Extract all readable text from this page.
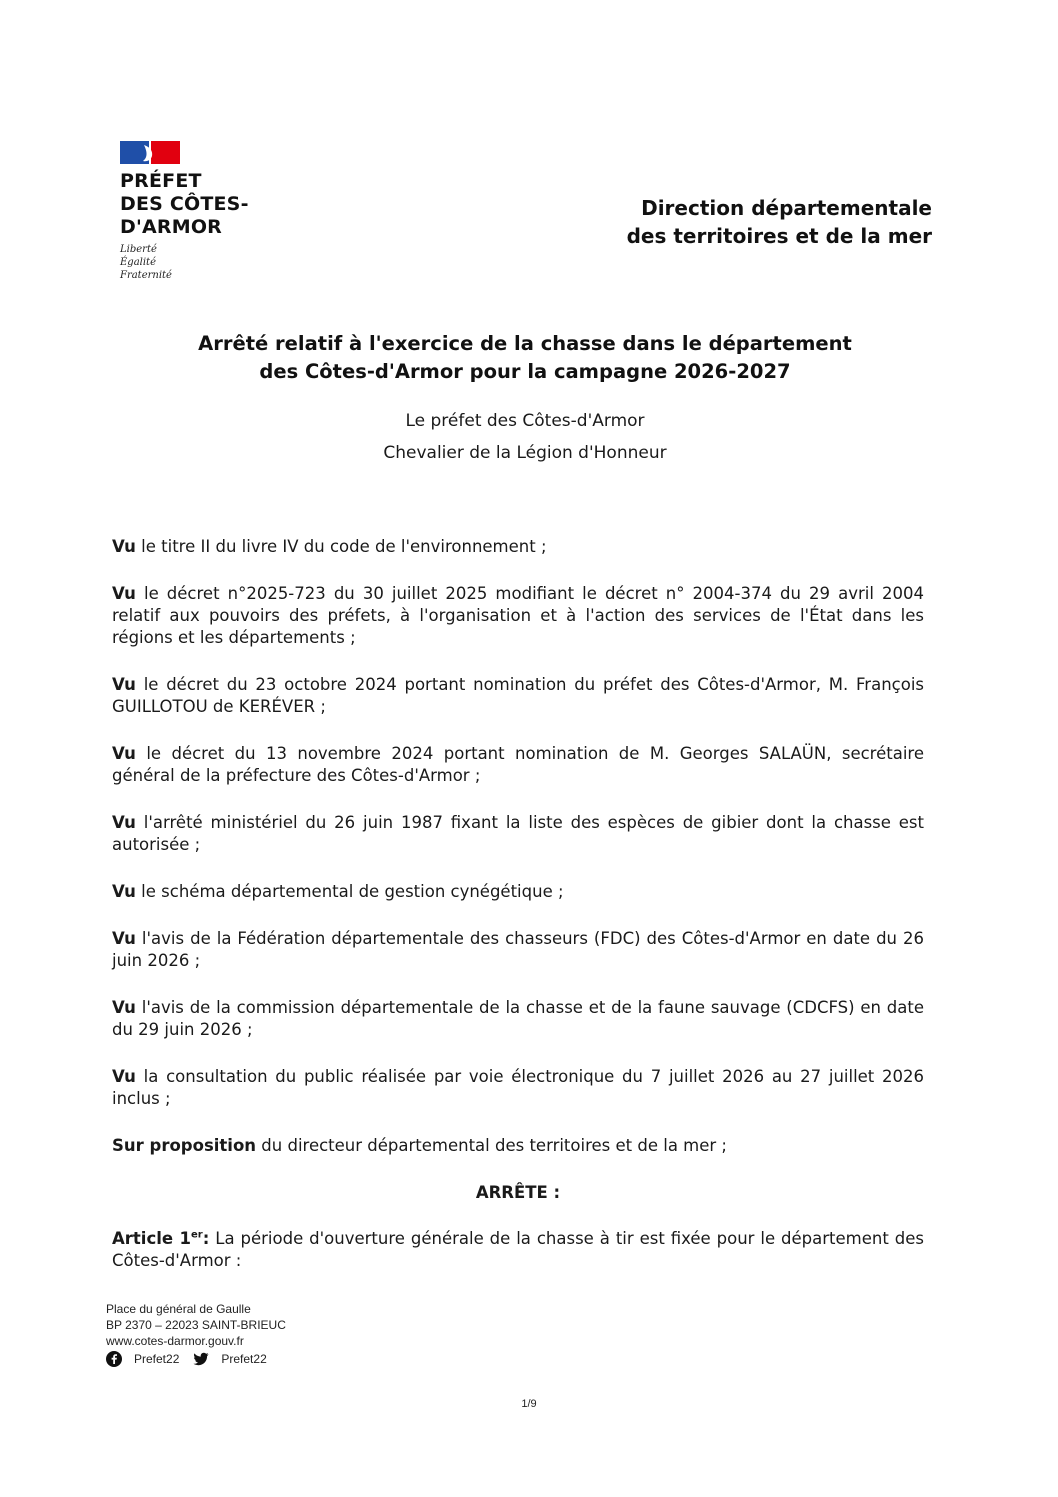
PRÉFET
DES CÔTES-
D'ARMOR
Liberté
Égalité
Fraternité
Direction départementale
des territoires et de la mer
Arrêté relatif à l'exercice de la chasse dans le département
des Côtes-d'Armor pour la campagne 2026-2027
Le préfet des Côtes-d'Armor
Chevalier de la Légion d'Honneur

Vu le titre II du livre IV du code de l'environnement ;

Vu le décret n°2025-723 du 30 juillet 2025 modifiant le décret n° 2004-374 du 29 avril 2004 relatif aux pouvoirs des préfets, à l'organisation et à l'action des services de l'État dans les régions et les départements ;

Vu le décret du 23 octobre 2024 portant nomination du préfet des Côtes-d'Armor, M. François GUILLOTOU de KERÉVER ;

Vu le décret du 13 novembre 2024 portant nomination de M. Georges SALAÜN, secrétaire général de la préfecture des Côtes-d'Armor ;

Vu l'arrêté ministériel du 26 juin 1987 fixant la liste des espèces de gibier dont la chasse est autorisée ;

Vu le schéma départemental de gestion cynégétique ;

Vu l'avis de la Fédération départementale des chasseurs (FDC) des Côtes-d'Armor en date du 26 juin 2026 ;

Vu l'avis de la commission départementale de la chasse et de la faune sauvage (CDCFS) en date du 29 juin 2026 ;

Vu la consultation du public réalisée par voie électronique du 7 juillet 2026 au 27 juillet 2026 inclus ;

Sur proposition du directeur départemental des territoires et de la mer ;

ARRÊTE :

Article 1er: La période d'ouverture générale de la chasse à tir est fixée pour le département des Côtes-d'Armor :

Place du général de Gaulle
BP 2370 – 22023 SAINT-BRIEUC
www.cotes-darmor.gouv.fr
Prefet22	Prefet22
1/9
